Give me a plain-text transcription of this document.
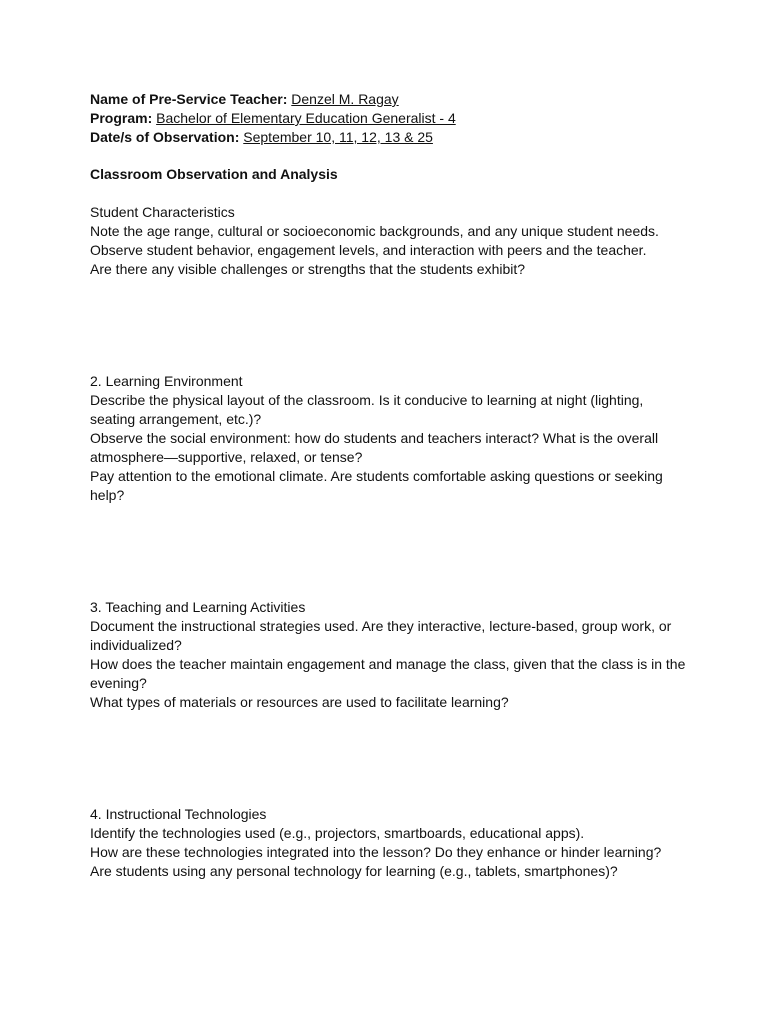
Name of Pre-Service Teacher: Denzel M. Ragay

Program: Bachelor of Elementary Education Generalist - 4

Date/s of Observation: September 10, 11, 12, 13 & 25

Classroom Observation and Analysis

Student Characteristics

Note the age range, cultural or socioeconomic backgrounds, and any unique student needs.

Observe student behavior, engagement levels, and interaction with peers and the teacher.

Are there any visible challenges or strengths that the students exhibit?

2. Learning Environment

Describe the physical layout of the classroom. Is it conducive to learning at night (lighting, seating arrangement, etc.)?

Observe the social environment: how do students and teachers interact? What is the overall atmosphere—supportive, relaxed, or tense?

Pay attention to the emotional climate. Are students comfortable asking questions or seeking help?

3. Teaching and Learning Activities

Document the instructional strategies used. Are they interactive, lecture-based, group work, or individualized?

How does the teacher maintain engagement and manage the class, given that the class is in the evening?

What types of materials or resources are used to facilitate learning?

4. Instructional Technologies

Identify the technologies used (e.g., projectors, smartboards, educational apps).

How are these technologies integrated into the lesson? Do they enhance or hinder learning?

Are students using any personal technology for learning (e.g., tablets, smartphones)?
